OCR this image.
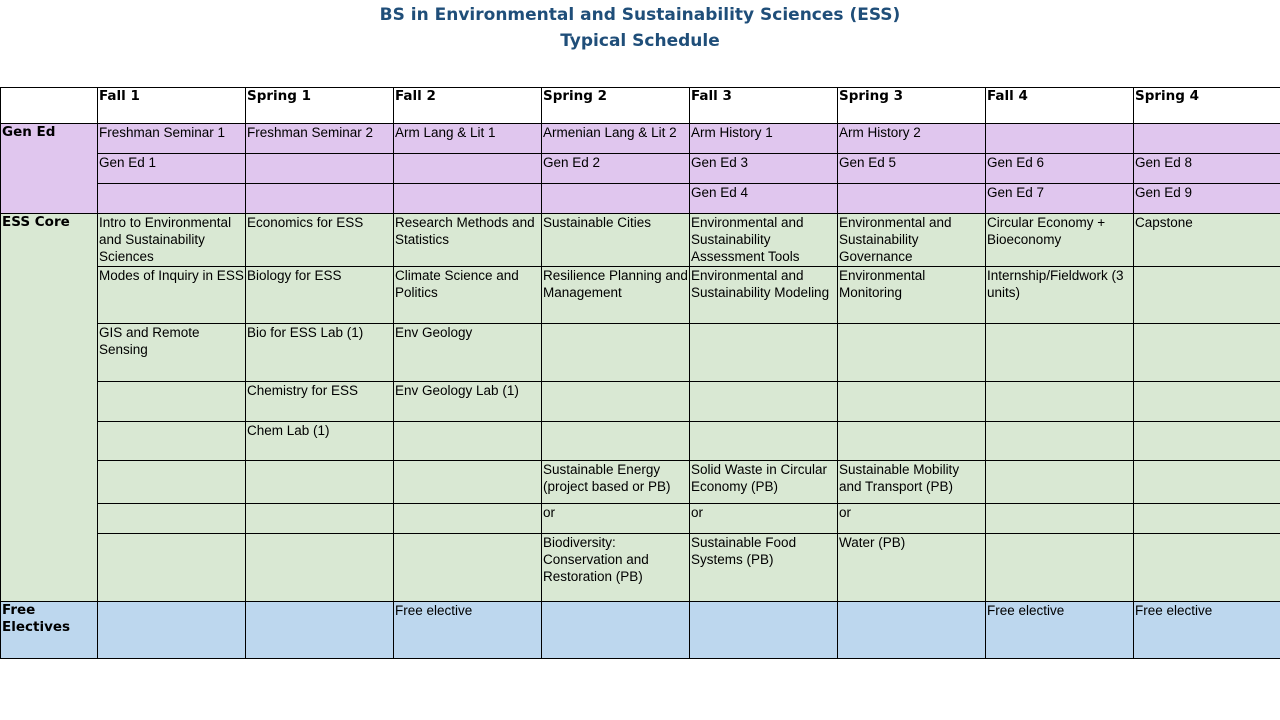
BS in Environmental and Sustainability Sciences (ESS)
Typical Schedule
	Fall 1	Spring 1	Fall 2	Spring 2	Fall 3	Spring 3	Fall 4	Spring 4
Gen Ed	Freshman Seminar 1	Freshman Seminar 2	Arm Lang & Lit 1	Armenian Lang & Lit 2	Arm History 1	Arm History 2		
	Gen Ed 1			Gen Ed 2	Gen Ed 3	Gen Ed 5	Gen Ed 6	Gen Ed 8
					Gen Ed 4		Gen Ed 7	Gen Ed 9
ESS Core	Intro to Environmental and Sustainability Sciences	Economics for ESS	Research Methods and Statistics	Sustainable Cities	Environmental and Sustainability Assessment Tools	Environmental and Sustainability Governance	Circular Economy + Bioeconomy	Capstone
	Modes of Inquiry in ESS	Biology for ESS	Climate Science and Politics	Resilience Planning and Management	Environmental and Sustainability Modeling	Environmental Monitoring	Internship/Fieldwork (3 units)	
	GIS and Remote Sensing	Bio for ESS Lab (1)	Env Geology					
		Chemistry for ESS	Env Geology Lab (1)					
		Chem Lab (1)						
				Sustainable Energy (project based or PB)	Solid Waste in Circular Economy (PB)	Sustainable Mobility and Transport (PB)		
				or	or	or		
				Biodiversity: Conservation and Restoration (PB)	Sustainable Food Systems (PB)	Water (PB)		
Free Electives			Free elective				Free elective	Free elective
